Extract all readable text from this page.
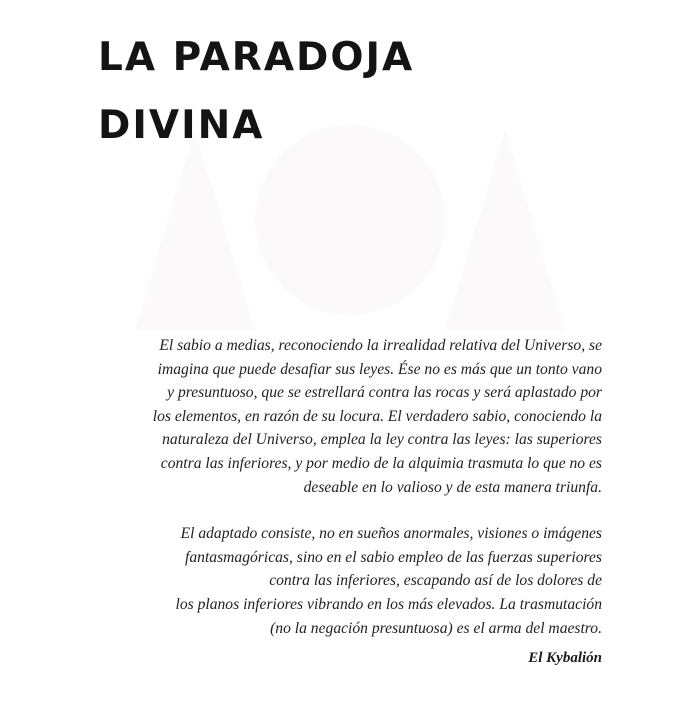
LA PARADOJA
DIVINA

El sabio a medias, reconociendo la irrealidad relativa del Universo, se
imagina que puede desafiar sus leyes. Ése no es más que un tonto vano
y presuntuoso, que se estrellará contra las rocas y será aplastado por
los elementos, en razón de su locura. El verdadero sabio, conociendo la
naturaleza del Universo, emplea la ley contra las leyes: las superiores
contra las inferiores, y por medio de la alquimia trasmuta lo que no es
deseable en lo valioso y de esta manera triunfa.

El adaptado consiste, no en sueños anormales, visiones o imágenes
fantasmagóricas, sino en el sabio empleo de las fuerzas superiores
contra las inferiores, escapando así de los dolores de
los planos inferiores vibrando en los más elevados. La trasmutación
(no la negación presuntuosa) es el arma del maestro.

El Kybalión
